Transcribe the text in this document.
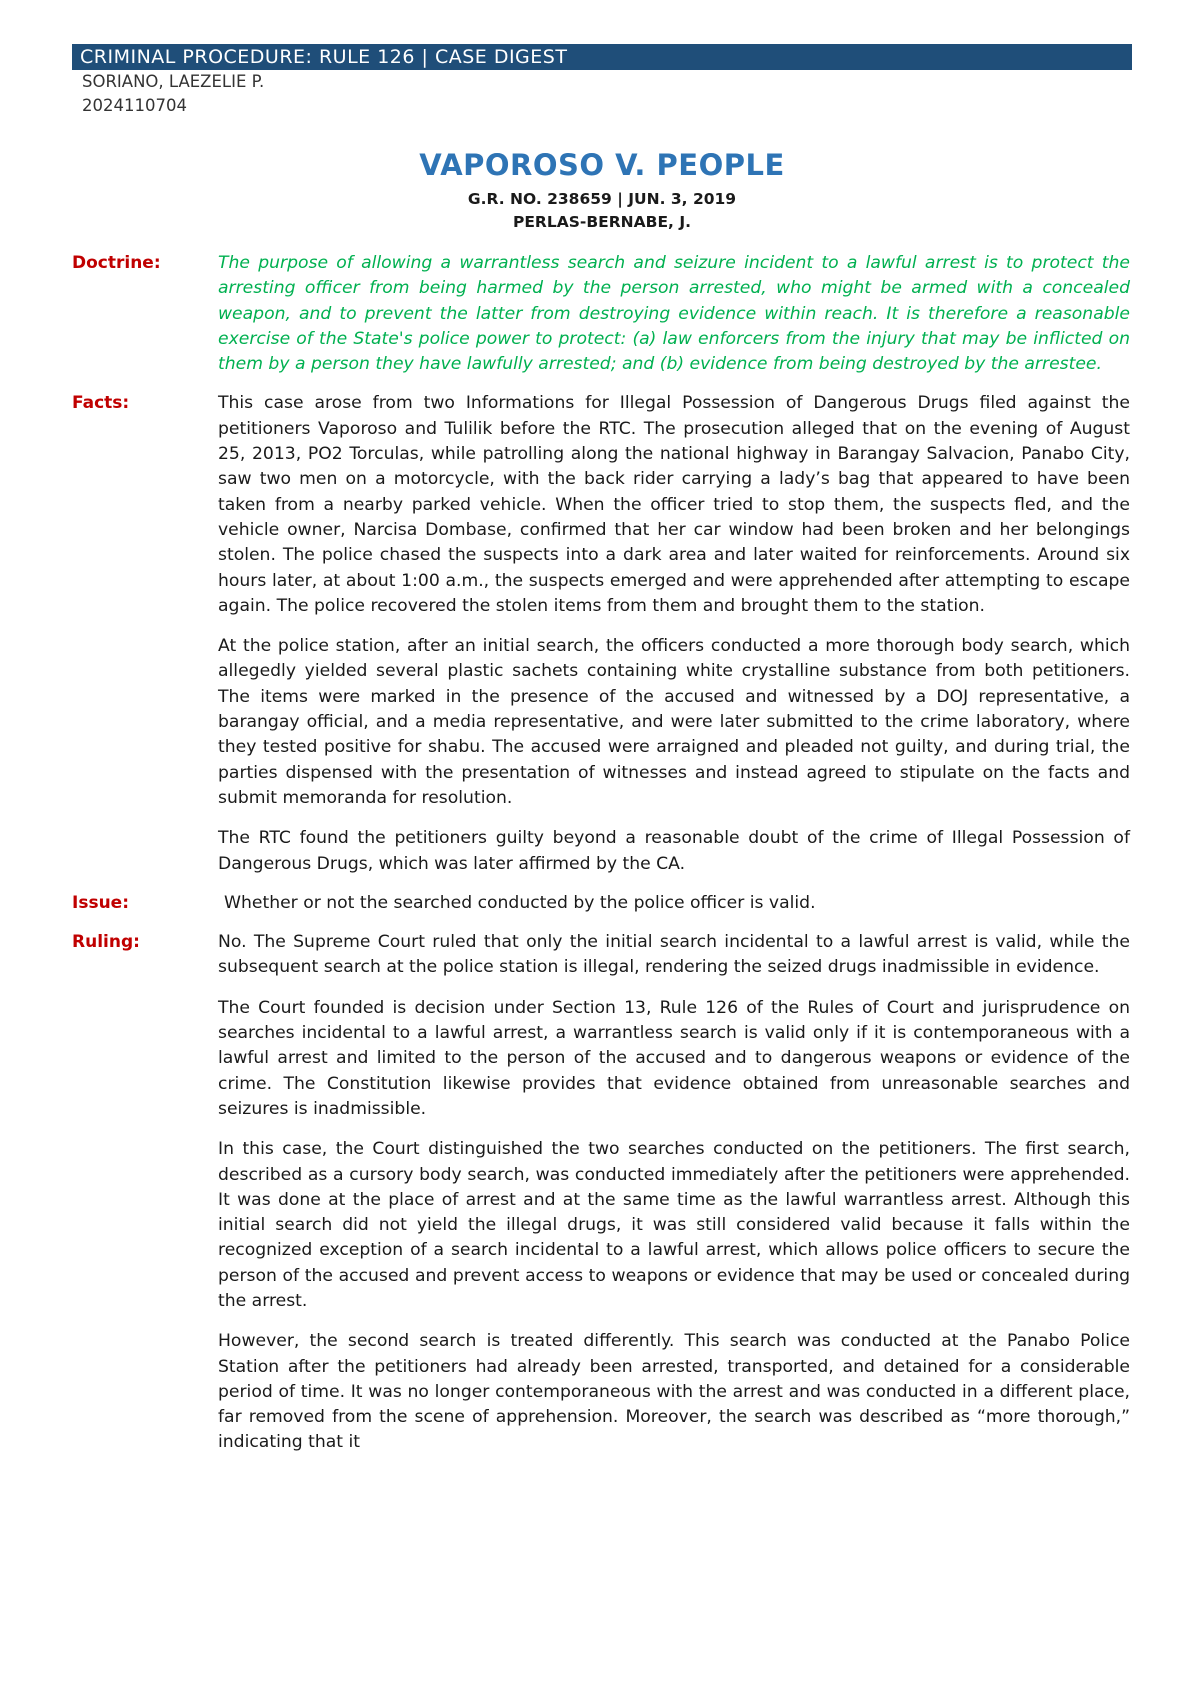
CRIMINAL PROCEDURE: RULE 126 | CASE DIGEST
SORIANO, LAEZELIE P.
2024110704
VAPOROSO V. PEOPLE
G.R. NO. 238659 | JUN. 3, 2019
PERLAS-BERNABE, J.
Doctrine:	The purpose of allowing a warrantless search and seizure incident to a lawful arrest is to protect the arresting officer from being harmed by the person arrested, who might be armed with a concealed weapon, and to prevent the latter from destroying evidence within reach. It is therefore a reasonable exercise of the State's police power to protect: (a) law enforcers from the injury that may be inflicted on them by a person they have lawfully arrested; and (b) evidence from being destroyed by the arrestee.

Facts:	This case arose from two Informations for Illegal Possession of Dangerous Drugs filed against the petitioners Vaporoso and Tulilik before the RTC. The prosecution alleged that on the evening of August 25, 2013, PO2 Torculas, while patrolling along the national highway in Barangay Salvacion, Panabo City, saw two men on a motorcycle, with the back rider carrying a lady’s bag that appeared to have been taken from a nearby parked vehicle. When the officer tried to stop them, the suspects fled, and the vehicle owner, Narcisa Dombase, confirmed that her car window had been broken and her belongings stolen. The police chased the suspects into a dark area and later waited for reinforcements. Around six hours later, at about 1:00 a.m., the suspects emerged and were apprehended after attempting to escape again. The police recovered the stolen items from them and brought them to the station.

At the police station, after an initial search, the officers conducted a more thorough body search, which allegedly yielded several plastic sachets containing white crystalline substance from both petitioners. The items were marked in the presence of the accused and witnessed by a DOJ representative, a barangay official, and a media representative, and were later submitted to the crime laboratory, where they tested positive for shabu. The accused were arraigned and pleaded not guilty, and during trial, the parties dispensed with the presentation of witnesses and instead agreed to stipulate on the facts and submit memoranda for resolution.

The RTC found the petitioners guilty beyond a reasonable doubt of the crime of Illegal Possession of Dangerous Drugs, which was later affirmed by the CA.

Issue:	Whether or not the searched conducted by the police officer is valid.

Ruling:	No. The Supreme Court ruled that only the initial search incidental to a lawful arrest is valid, while the subsequent search at the police station is illegal, rendering the seized drugs inadmissible in evidence.

The Court founded is decision under Section 13, Rule 126 of the Rules of Court and jurisprudence on searches incidental to a lawful arrest, a warrantless search is valid only if it is contemporaneous with a lawful arrest and limited to the person of the accused and to dangerous weapons or evidence of the crime. The Constitution likewise provides that evidence obtained from unreasonable searches and seizures is inadmissible.

In this case, the Court distinguished the two searches conducted on the petitioners. The first search, described as a cursory body search, was conducted immediately after the petitioners were apprehended. It was done at the place of arrest and at the same time as the lawful warrantless arrest. Although this initial search did not yield the illegal drugs, it was still considered valid because it falls within the recognized exception of a search incidental to a lawful arrest, which allows police officers to secure the person of the accused and prevent access to weapons or evidence that may be used or concealed during the arrest.

However, the second search is treated differently. This search was conducted at the Panabo Police Station after the petitioners had already been arrested, transported, and detained for a considerable period of time. It was no longer contemporaneous with the arrest and was conducted in a different place, far removed from the scene of apprehension. Moreover, the search was described as “more thorough,” indicating that it
